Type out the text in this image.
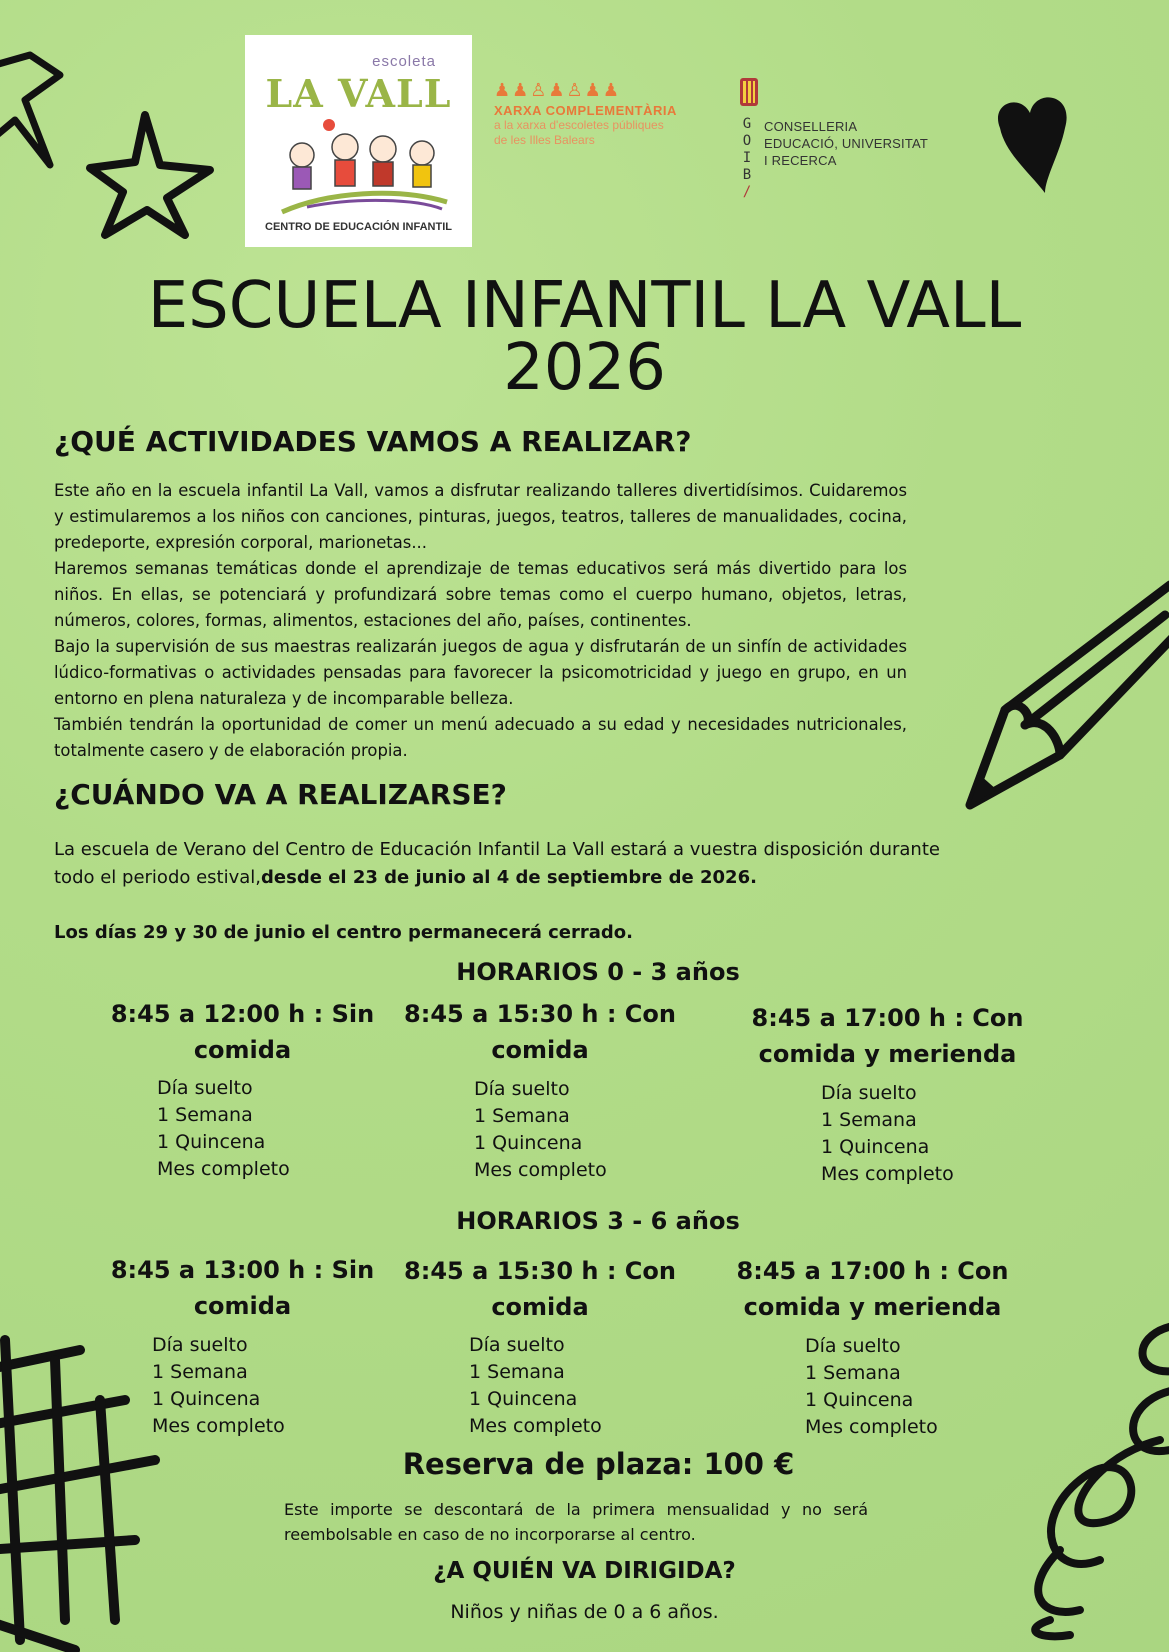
escoleta
LA VALL
CENTRO DE EDUCACIÓN INFANTIL
♟︎♟︎♙♟︎♙♟︎♟︎
XARXA COMPLEMENTÀRIA
a la xarxa d'escoletes públiques
de les Illes Balears
G
O
I
B
/
CONSELLERIA
EDUCACIÓ, UNIVERSITAT
I RECERCA
ESCUELA INFANTIL LA VALL
2026
¿QUÉ ACTIVIDADES VAMOS A REALIZAR?

Este año en la escuela infantil La Vall, vamos a disfrutar realizando talleres divertidísimos. Cuidaremos y estimularemos a los niños con canciones, pinturas, juegos, teatros, talleres de manualidades, cocina, predeporte, expresión corporal, marionetas...

Haremos semanas temáticas donde el aprendizaje de temas educativos será más divertido para los niños. En ellas, se potenciará y profundizará sobre temas como el cuerpo humano, objetos, letras, números, colores, formas, alimentos, estaciones del año, países, continentes.

Bajo la supervisión de sus maestras realizarán juegos de agua y disfrutarán de un sinfín de actividades lúdico-formativas o actividades pensadas para favorecer la psicomotricidad y juego en grupo, en un entorno en plena naturaleza y de incomparable belleza.

También tendrán la oportunidad de comer un menú adecuado a su edad y necesidades nutricionales, totalmente casero y de elaboración propia.

¿CUÁNDO VA A REALIZARSE?
La escuela de Verano del Centro de Educación Infantil La Vall estará a vuestra disposición durante
todo el periodo estival,desde el 23 de junio al 4 de septiembre de 2026.
Los días 29 y 30 de junio el centro permanecerá cerrado.
HORARIOS 0 - 3 años
8:45 a 12:00 h : Sin
comida
8:45 a 15:30 h : Con
comida
8:45 a 17:00 h : Con
comida y merienda
Día suelto
1 Semana
1 Quincena
Mes completo
Día suelto
1 Semana
1 Quincena
Mes completo
Día suelto
1 Semana
1 Quincena
Mes completo
HORARIOS 3 - 6 años
8:45 a 13:00 h : Sin
comida
8:45 a 15:30 h : Con
comida
8:45 a 17:00 h : Con
comida y merienda
Día suelto
1 Semana
1 Quincena
Mes completo
Día suelto
1 Semana
1 Quincena
Mes completo
Día suelto
1 Semana
1 Quincena
Mes completo
Reserva de plaza: 100 €
Este importe se descontará de la primera mensualidad y no será reembolsable en caso de no incorporarse al centro.
¿A QUIÉN VA DIRIGIDA?
Niños y niñas de 0 a 6 años.
